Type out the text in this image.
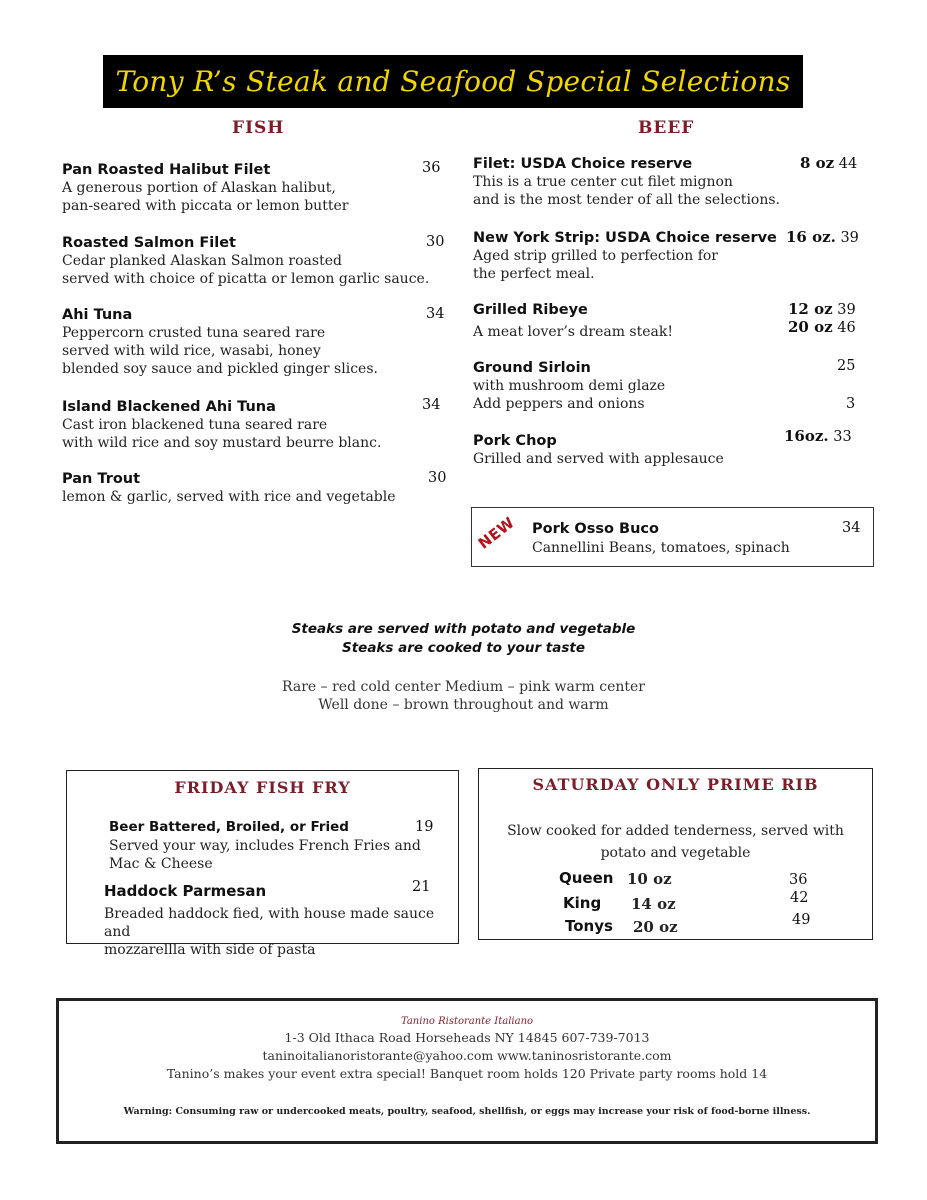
Tony R’s Steak and Seafood Special Selections
FISH	BEEF
Pan Roasted Halibut Filet
A generous portion of Alaskan halibut,
pan-seared with piccata or lemon butter
36
Roasted Salmon Filet
Cedar planked Alaskan Salmon roasted
served with choice of picatta or lemon garlic sauce.
30
Ahi Tuna
Peppercorn crusted tuna seared rare
served with wild rice, wasabi, honey
blended soy sauce and pickled ginger slices.
34
Island Blackened Ahi Tuna
Cast iron blackened tuna seared rare
with wild rice and soy mustard beurre blanc.
34
Pan Trout
lemon & garlic, served with rice and vegetable
30
Filet: USDA Choice reserve
This is a true center cut filet mignon
and is the most tender of all the selections.
8 oz 44
New York Strip: USDA Choice reserve
Aged strip grilled to perfection for
the perfect meal.
16 oz. 39
Grilled Ribeye
A meat lover’s dream steak!
12 oz 39
20 oz 46
Ground Sirloin
with mushroom demi glaze
Add peppers and onions
25
3
Pork Chop
Grilled and served with applesauce
16oz. 33
NEW Pork Osso Buco
Cannellini Beans, tomatoes, spinach
34
Steaks are served with potato and vegetable
Steaks are cooked to your taste
Rare – red cold center Medium – pink warm center
Well done – brown throughout and warm
FRIDAY FISH FRY
Beer Battered, Broiled, or Fried	19
Served your way, includes French Fries and
Mac & Cheese
Haddock Parmesan	21
Breaded haddock fied, with house made sauce and
mozzarellla with side of pasta
SATURDAY ONLY PRIME RIB
Slow cooked for added tenderness, served with
potato and vegetable
Queen 10 oz	36
King 14 oz	42
Tonys 20 oz	49
Tanino Ristorante Italiano
1-3 Old Ithaca Road Horseheads NY 14845 607-739-7013
taninoitalianoristorante@yahoo.com www.taninosristorante.com
Tanino’s makes your event extra special! Banquet room holds 120 Private party rooms hold 14
Warning: Consuming raw or undercooked meats, poultry, seafood, shellfish, or eggs may increase your risk of food-borne illness.
